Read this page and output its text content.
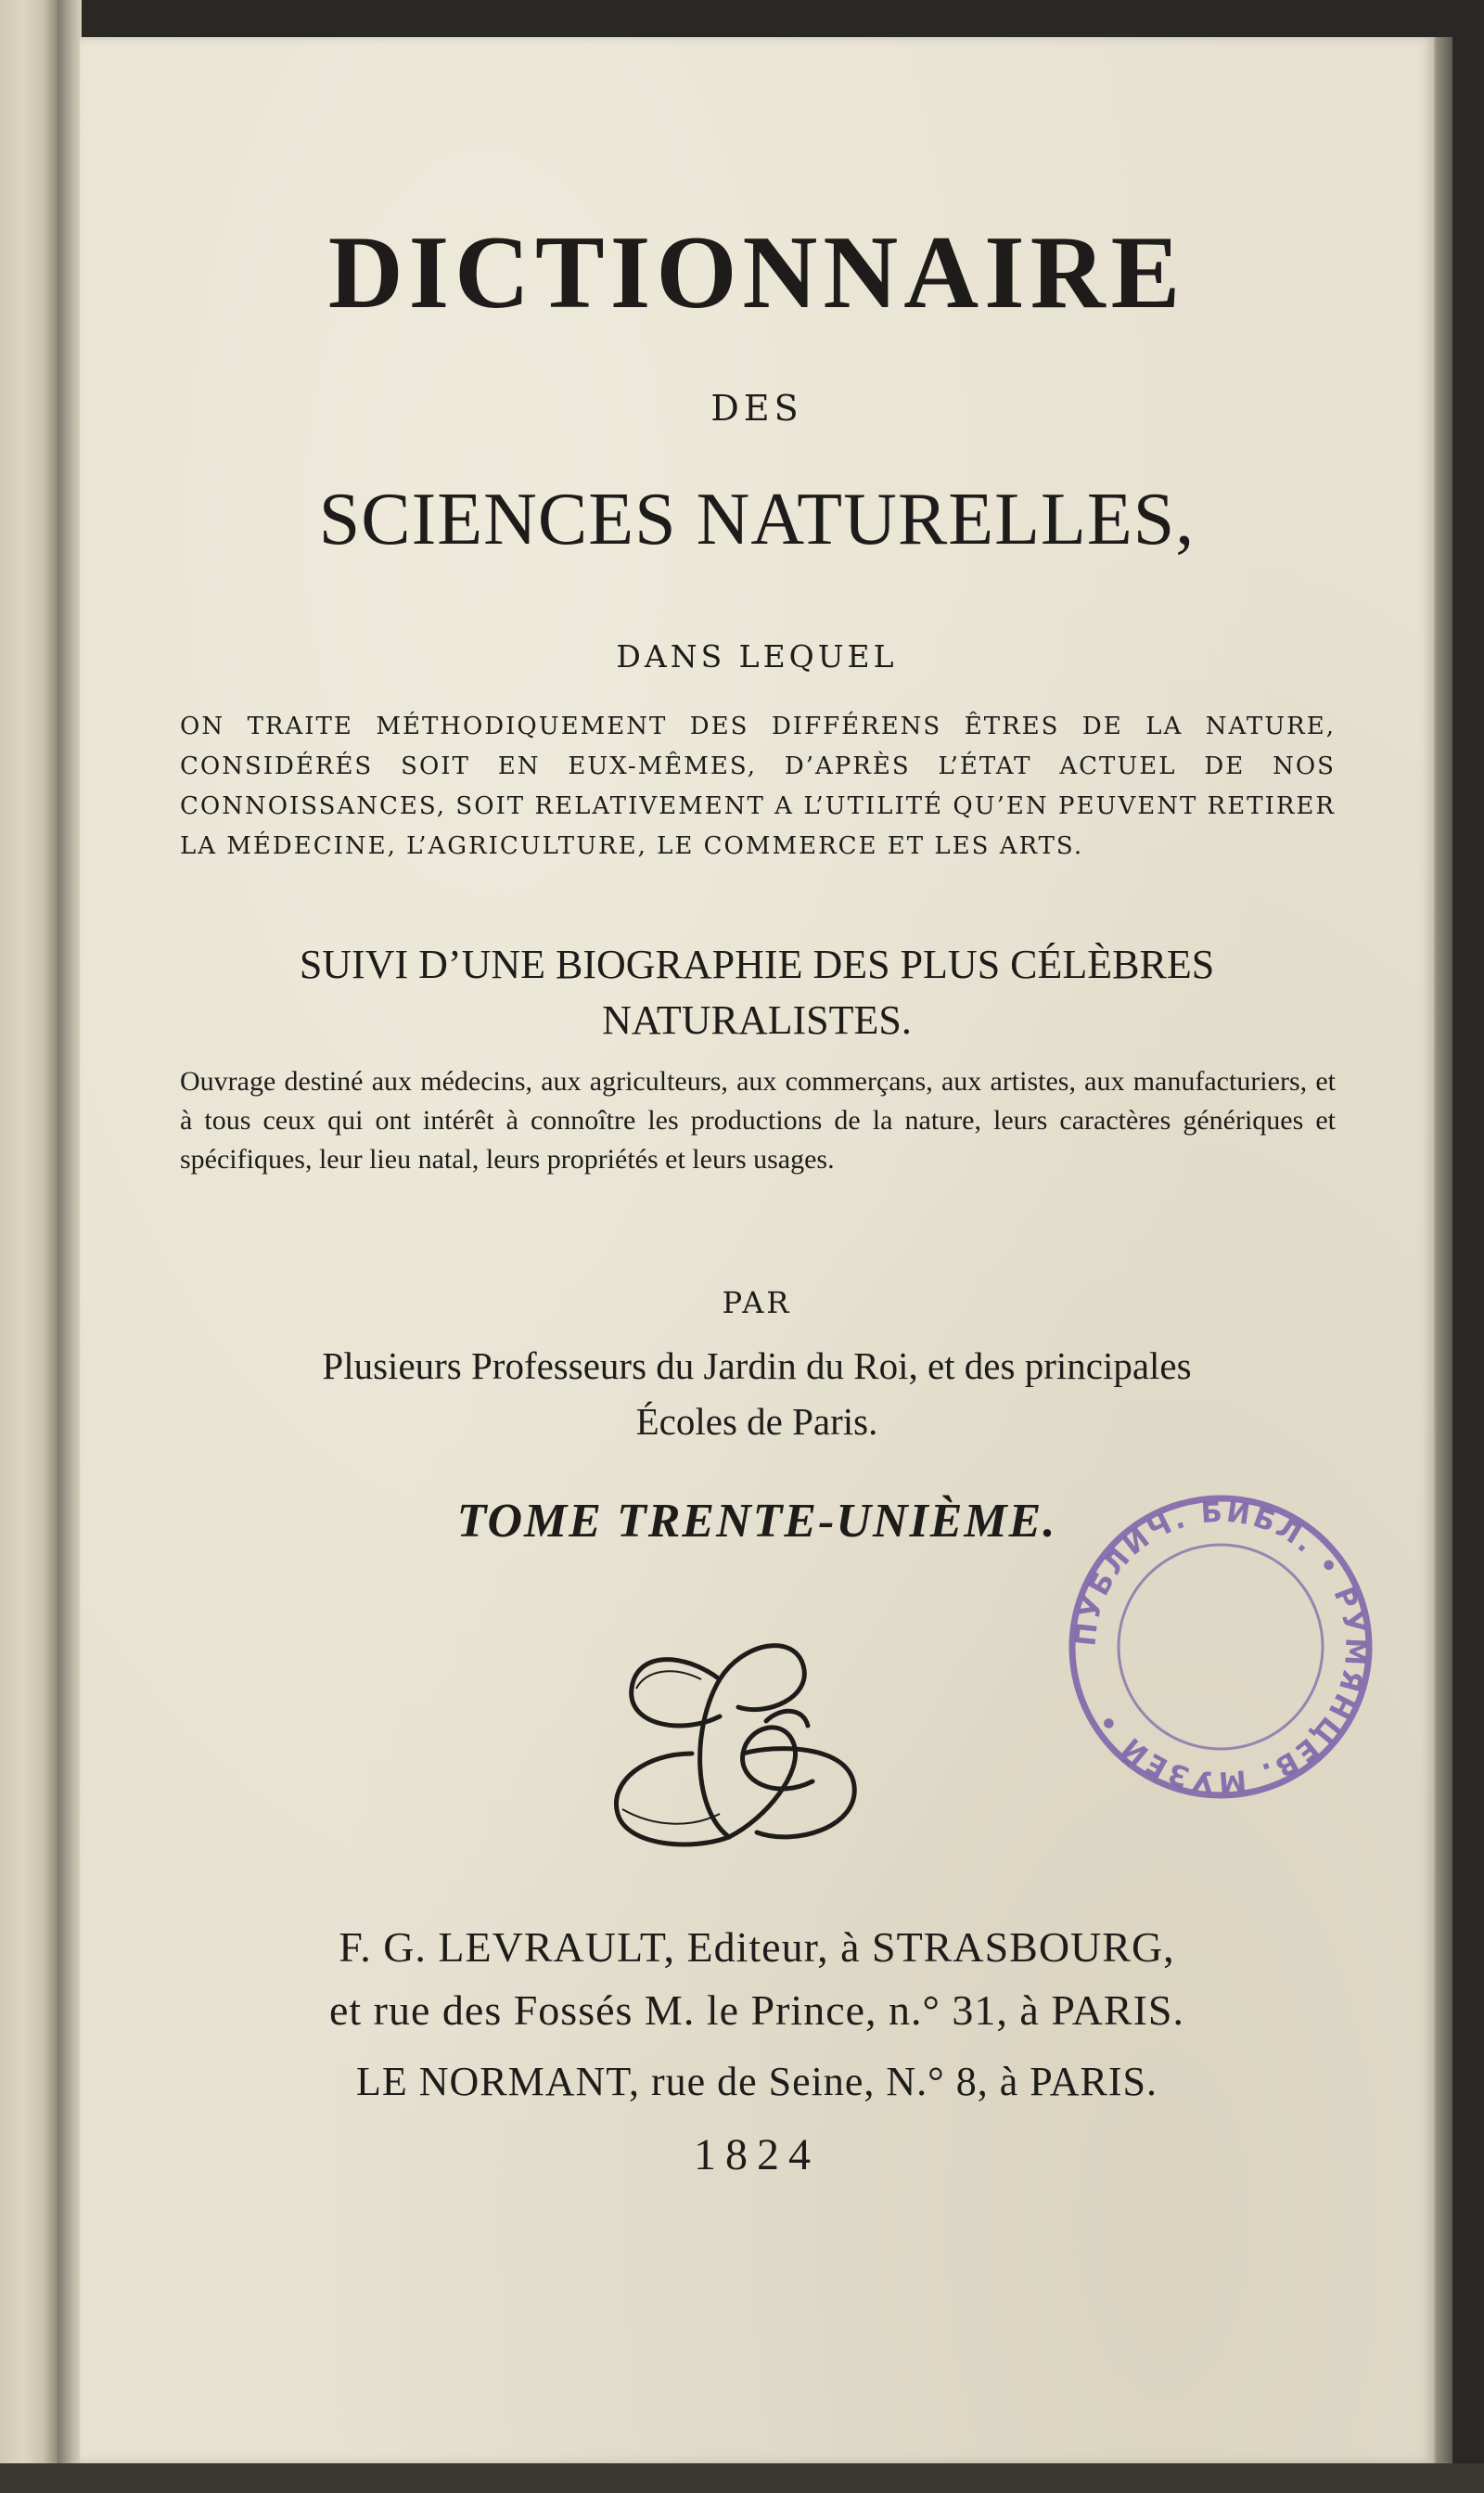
DICTIONNAIRE
DES
SCIENCES NATURELLES,
DANS LEQUEL
ON TRAITE MÉTHODIQUEMENT DES DIFFÉRENS ÊTRES DE LA NATURE, CONSIDÉRÉS SOIT EN EUX-MÊMES, D’APRÈS L’ÉTAT ACTUEL DE NOS CONNOISSANCES, SOIT RELATIVEMENT A L’UTILITÉ QU’EN PEUVENT RETIRER LA MÉDECINE, L’AGRICULTURE, LE COMMERCE ET LES ARTS.
SUIVI D’UNE BIOGRAPHIE DES PLUS CÉLÈBRES
NATURALISTES.
Ouvrage destiné aux médecins, aux agriculteurs, aux commerçans, aux artistes, aux manufacturiers, et à tous ceux qui ont intérêt à connoître les productions de la nature, leurs caractères génériques et spécifiques, leur lieu natal, leurs propriétés et leurs usages.
PAR
Plusieurs Professeurs du Jardin du Roi, et des principales
Écoles de Paris.
TOME TRENTE-UNIÈME.
ПУБЛИЧ. БИБЛ. • РУМЯНЦЕВ. МУЗЕЙ •
F. G. LEVRAULT, Editeur, à STRASBOURG,
et rue des Fossés M. le Prince, n.° 31, à PARIS.
LE NORMANT, rue de Seine, N.° 8, à PARIS.
1824
